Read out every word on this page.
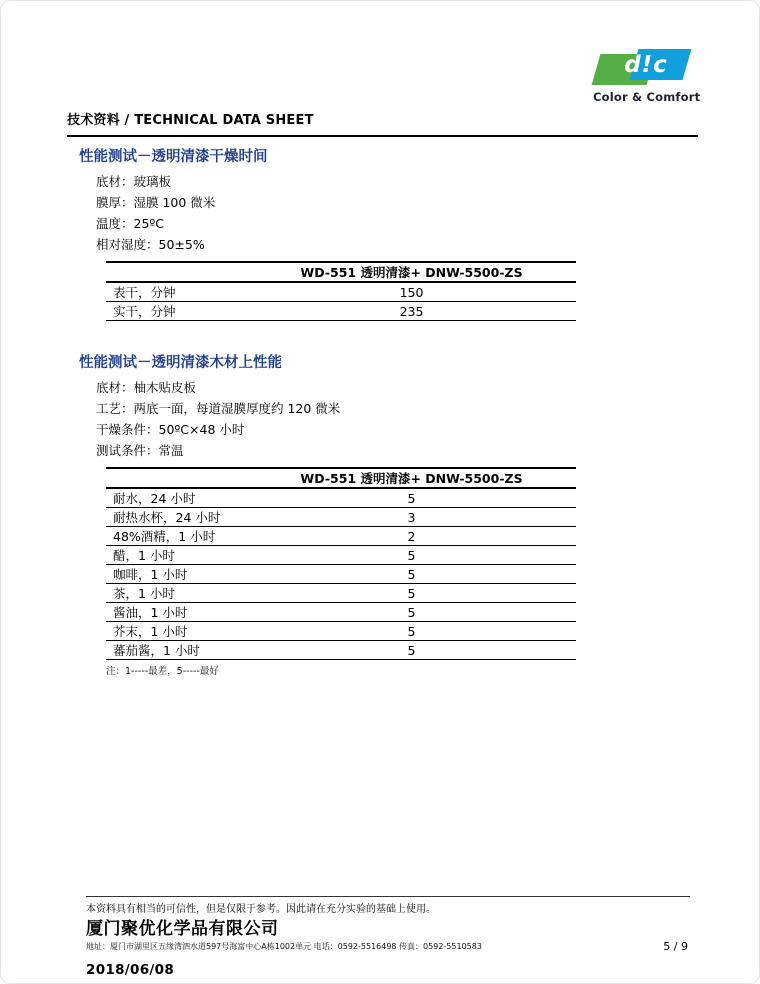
d!c
Color & Comfort
技术资料 / TECHNICAL DATA SHEET
性能测试－透明清漆干燥时间
底材：玻璃板
膜厚：湿膜 100 微米
温度：25ºC
相对湿度：50±5%
	WD-551 透明清漆+ DNW-5500-ZS
表干，分钟	150
实干，分钟	235
性能测试－透明清漆木材上性能
底材：柚木贴皮板
工艺：两底一面，每道湿膜厚度约 120 微米
干燥条件：50ºC×48 小时
测试条件：常温
	WD-551 透明清漆+ DNW-5500-ZS
耐水，24 小时	5
耐热水杯，24 小时	3
48%酒精，1 小时	2
醋，1 小时	5
咖啡，1 小时	5
茶，1 小时	5
酱油，1 小时	5
芥末，1 小时	5
蕃茄酱，1 小时	5
注：1-----最差，5-----最好
本资料具有相当的可信性，但是仅限于参考。因此请在充分实验的基础上使用。
厦门聚优化学品有限公司
地址：厦门市湖里区五缘湾泗水道597号海富中心A栋1002单元 电话：0592-5516498 传真：0592-5510583	5 / 9
2018/06/08
